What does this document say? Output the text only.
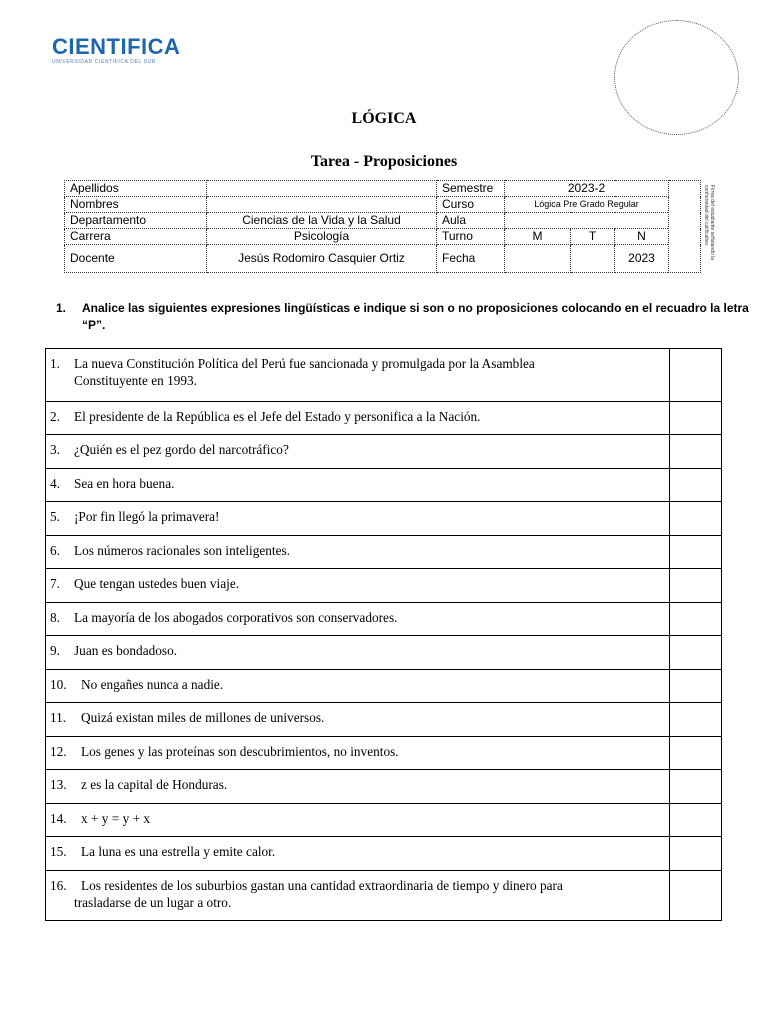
CIENTIFICA
UNIVERSIDAD CIENTÍFICA DEL SUR
LÓGICA
Tarea - Proposiciones
Apellidos		Semestre	2023-2			Firma del estudiante señalando la conformidad del calificativo.

Nombres		Curso	Lógica Pre Grado Regular			
Departamento	Ciencias de la Vida y la Salud	Aula				
Carrera	Psicología	Turno	M	T	N	
Docente	Jesús Rodomiro Casquier Ortiz	Fecha			2023	
1. Analice las siguientes expresiones lingüísticas e indique si son o no proposiciones colocando en el recuadro la letra “P”.
1. La nueva Constitución Política del Perú fue sancionada y promulgada por la Asamblea
Constituyente en 1993.
2. El presidente de la República es el Jefe del Estado y personifica a la Nación.
3. ¿Quién es el pez gordo del narcotráfico?
4. Sea en hora buena.
5. ¡Por fin llegó la primavera!
6. Los números racionales son inteligentes.
7. Que tengan ustedes buen viaje.
8. La mayoría de los abogados corporativos son conservadores.
9. Juan es bondadoso.
10. No engañes nunca a nadie.
11. Quizá existan miles de millones de universos.
12. Los genes y las proteínas son descubrimientos, no inventos.
13. z es la capital de Honduras.
14. x + y = y + x
15. La luna es una estrella y emite calor.
16. Los residentes de los suburbios gastan una cantidad extraordinaria de tiempo y dinero para
trasladarse de un lugar a otro.
